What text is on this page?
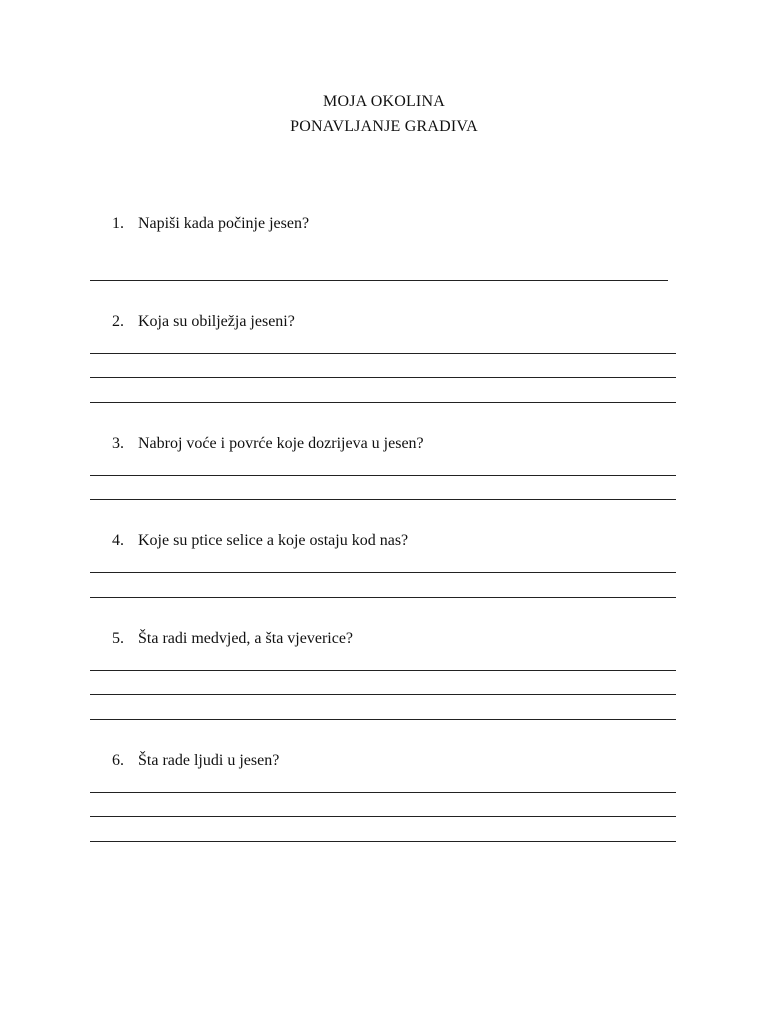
MOJA OKOLINA
PONAVLJANJE GRADIVA
1. Napiši kada počinje jesen?
2. Koja su obilježja jeseni?
3. Nabroj voće i povrće koje dozrijeva u jesen?
4. Koje su ptice selice a koje ostaju kod nas?
5. Šta radi medvjed, a šta vjeverice?
6. Šta rade ljudi u jesen?
